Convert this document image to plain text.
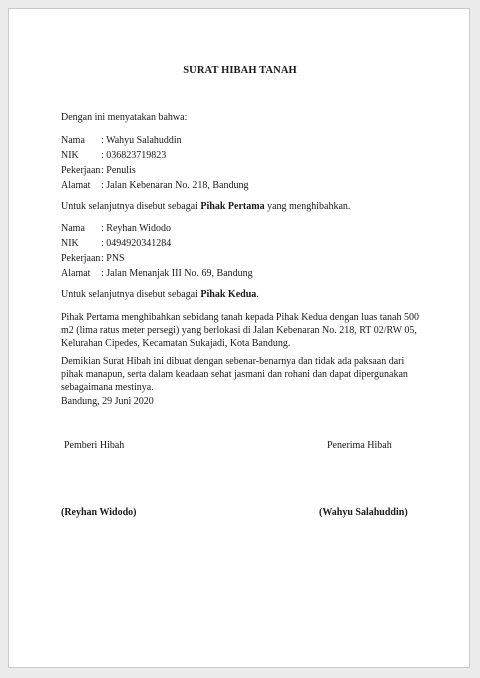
SURAT HIBAH TANAH
Dengan ini menyatakan bahwa:
Nama : Wahyu Salahuddin
NIK : 036823719823
Pekerjaan: Penulis
Alamat : Jalan Kebenaran No. 218, Bandung
Untuk selanjutnya disebut sebagai Pihak Pertama yang menghibahkan.
Nama : Reyhan Widodo
NIK : 0494920341284
Pekerjaan: PNS
Alamat : Jalan Menanjak III No. 69, Bandung
Untuk selanjutnya disebut sebagai Pihak Kedua.
Pihak Pertama menghibahkan sebidang tanah kepada Pihak Kedua dengan luas tanah 500 m2 (lima ratus meter persegi) yang berlokasi di Jalan Kebenaran No. 218, RT 02/RW 05, Kelurahan Cipedes, Kecamatan Sukajadi, Kota Bandung.
Demikian Surat Hibah ini dibuat dengan sebenar-benarnya dan tidak ada paksaan dari pihak manapun, serta dalam keadaan sehat jasmani dan rohani dan dapat dipergunakan sebagaimana mestinya.
Bandung, 29 Juni 2020
Pemberi Hibah	Penerima Hibah
(Reyhan Widodo)	(Wahyu Salahuddin)
